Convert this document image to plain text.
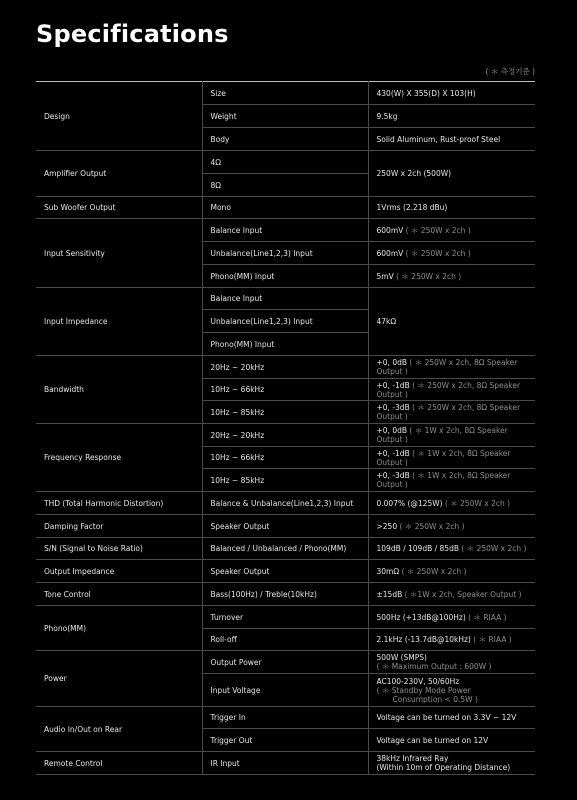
Specifications
( ＊ 측정기준 )
Design	Size	430(W) X 355(D) X 103(H)
	Weight	9.5kg
	Body	Solid Aluminum, Rust-proof Steel
Amplifier Output	4Ω	250W x 2ch (500W)
	8Ω	
Sub Woofer Output	Mono	1Vrms (2.218 dBu)
Input Sensitivity	Balance Input	600mV ( ＊ 250W x 2ch )
	Unbalance(Line1,2,3) Input	600mV ( ＊ 250W x 2ch )
	Phono(MM) Input	5mV ( ＊ 250W x 2ch )
Input Impedance	Balance Input	47kΩ
	Unbalance(Line1,2,3) Input	
	Phono(MM) Input	
Bandwidth	20Hz ~ 20kHz	+0, 0dB ( ＊ 250W x 2ch, 8Ω Speaker Output )
	10Hz ~ 66kHz	+0, -1dB ( ＊ 250W x 2ch, 8Ω Speaker Output )
	10Hz ~ 85kHz	+0, -3dB ( ＊ 250W x 2ch, 8Ω Speaker Output )
Frequency Response	20Hz ~ 20kHz	+0, 0dB ( ＊ 1W x 2ch, 8Ω Speaker Output )
	10Hz ~ 66kHz	+0, -1dB ( ＊ 1W x 2ch, 8Ω Speaker Output )
	10Hz ~ 85kHz	+0, -3dB ( ＊ 1W x 2ch, 8Ω Speaker Output )
THD (Total Harmonic Distortion)	Balance & Unbalance(Line1,2,3) Input	0.007% (@125W) ( ＊ 250W x 2ch )
Damping Factor	Speaker Output	>250 ( ＊ 250W x 2ch )
S/N (Signal to Noise Ratio)	Balanced / Unbalanced / Phono(MM)	109dB / 109dB / 85dB ( ＊ 250W x 2ch )
Output Impedance	Speaker Output	30mΩ ( ＊ 250W x 2ch )
Tone Control	Bass(100Hz) / Treble(10kHz)	±15dB ( ＊1W x 2ch, Speaker Output )
Phono(MM)	Turnover	500Hz (+13dB@100Hz) ( ＊ RIAA )
	Roll-off	2.1kHz (-13.7dB@10kHz) ( ＊ RIAA )
Power	Output Power	500W (SMPS)
( ＊ Maximum Output : 600W )

	Input Voltage	AC100-230V, 50/60Hz
( ＊ Standby Mode Power
Consumption < 0.5W )

Audio In/Out on Rear	Trigger In	Voltage can be turned on 3.3V ~ 12V
	Trigger Out	Voltage can be turned on 12V
Remote Control	IR Input	38kHz Infrared Ray
(Within 10m of Operating Distance)
